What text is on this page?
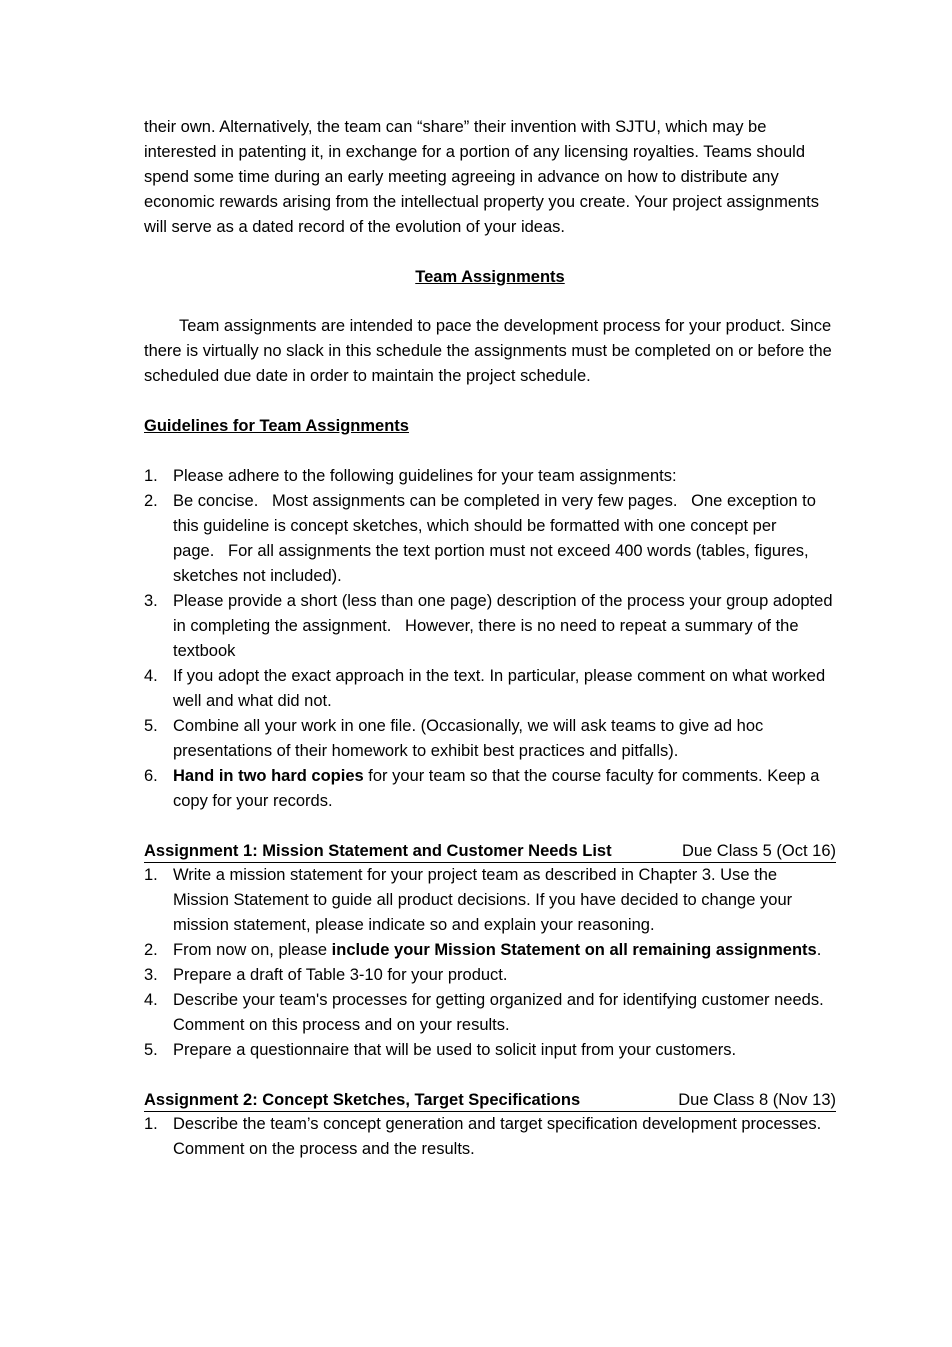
their own. Alternatively, the team can “share” their invention with SJTU, which may be interested in patenting it, in exchange for a portion of any licensing royalties. Teams should spend some time during an early meeting agreeing in advance on how to distribute any economic rewards arising from the intellectual property you create. Your project assignments will serve as a dated record of the evolution of your ideas.

Team Assignments

Team assignments are intended to pace the development process for your product. Since there is virtually no slack in this schedule the assignments must be completed on or before the scheduled due date in order to maintain the project schedule.

Guidelines for Team Assignments

1. Please adhere to the following guidelines for your team assignments:
2. Be concise.   Most assignments can be completed in very few pages.   One exception to this guideline is concept sketches, which should be formatted with one concept per page.   For all assignments the text portion must not exceed 400 words (tables, figures, sketches not included).
3. Please provide a short (less than one page) description of the process your group adopted in completing the assignment.   However, there is no need to repeat a summary of the textbook
4. If you adopt the exact approach in the text. In particular, please comment on what worked well and what did not.
5. Combine all your work in one file. (Occasionally, we will ask teams to give ad hoc presentations of their homework to exhibit best practices and pitfalls).
6. Hand in two hard copies for your team so that the course faculty for comments. Keep a copy for your records.
Assignment 1: Mission Statement and Customer Needs List	Due Class 5 (Oct 16)
1. Write a mission statement for your project team as described in Chapter 3. Use the Mission Statement to guide all product decisions. If you have decided to change your mission statement, please indicate so and explain your reasoning.
2. From now on, please include your Mission Statement on all remaining assignments.
3. Prepare a draft of Table 3-10 for your product.
4. Describe your team's processes for getting organized and for identifying customer needs. Comment on this process and on your results.
5. Prepare a questionnaire that will be used to solicit input from your customers.
Assignment 2: Concept Sketches, Target Specifications	Due Class 8 (Nov 13)
1. Describe the team’s concept generation and target specification development processes. Comment on the process and the results.
